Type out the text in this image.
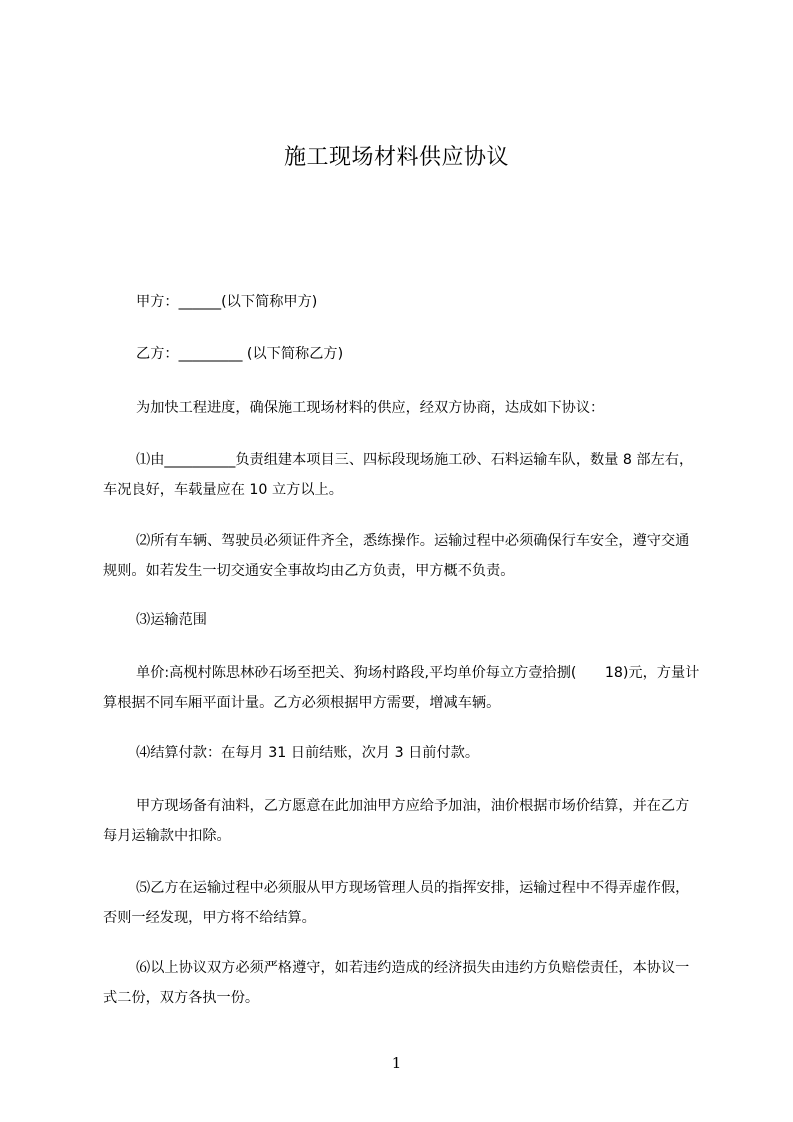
施工现场材料供应协议
甲方：______(以下简称甲方)
乙方：_________ (以下简称乙方)
为加快工程进度，确保施工现场材料的供应，经双方协商，达成如下协议：
⑴由__________负责组建本项目三、四标段现场施工砂、石料运输车队，数量 8 部左右，车况良好，车载量应在 10 立方以上。
⑵所有车辆、驾驶员必须证件齐全，悉练操作。运输过程中必须确保行车安全，遵守交通规则。如若发生一切交通安全事故均由乙方负责，甲方概不负责。
⑶运输范围
单价:高枧村陈思林砂石场至把关、狗场村路段,平均单价每立方壹拾捌(　　18)元，方量计算根据不同车厢平面计量。乙方必须根据甲方需要，增减车辆。
⑷结算付款：在每月 31 日前结账，次月 3 日前付款。
甲方现场备有油料，乙方愿意在此加油甲方应给予加油，油价根据市场价结算，并在乙方每月运输款中扣除。
⑸乙方在运输过程中必须服从甲方现场管理人员的指挥安排，运输过程中不得弄虚作假，否则一经发现，甲方将不给结算。
⑹以上协议双方必须严格遵守，如若违约造成的经济损失由违约方负赔偿责任，本协议一式二份，双方各执一份。
1
